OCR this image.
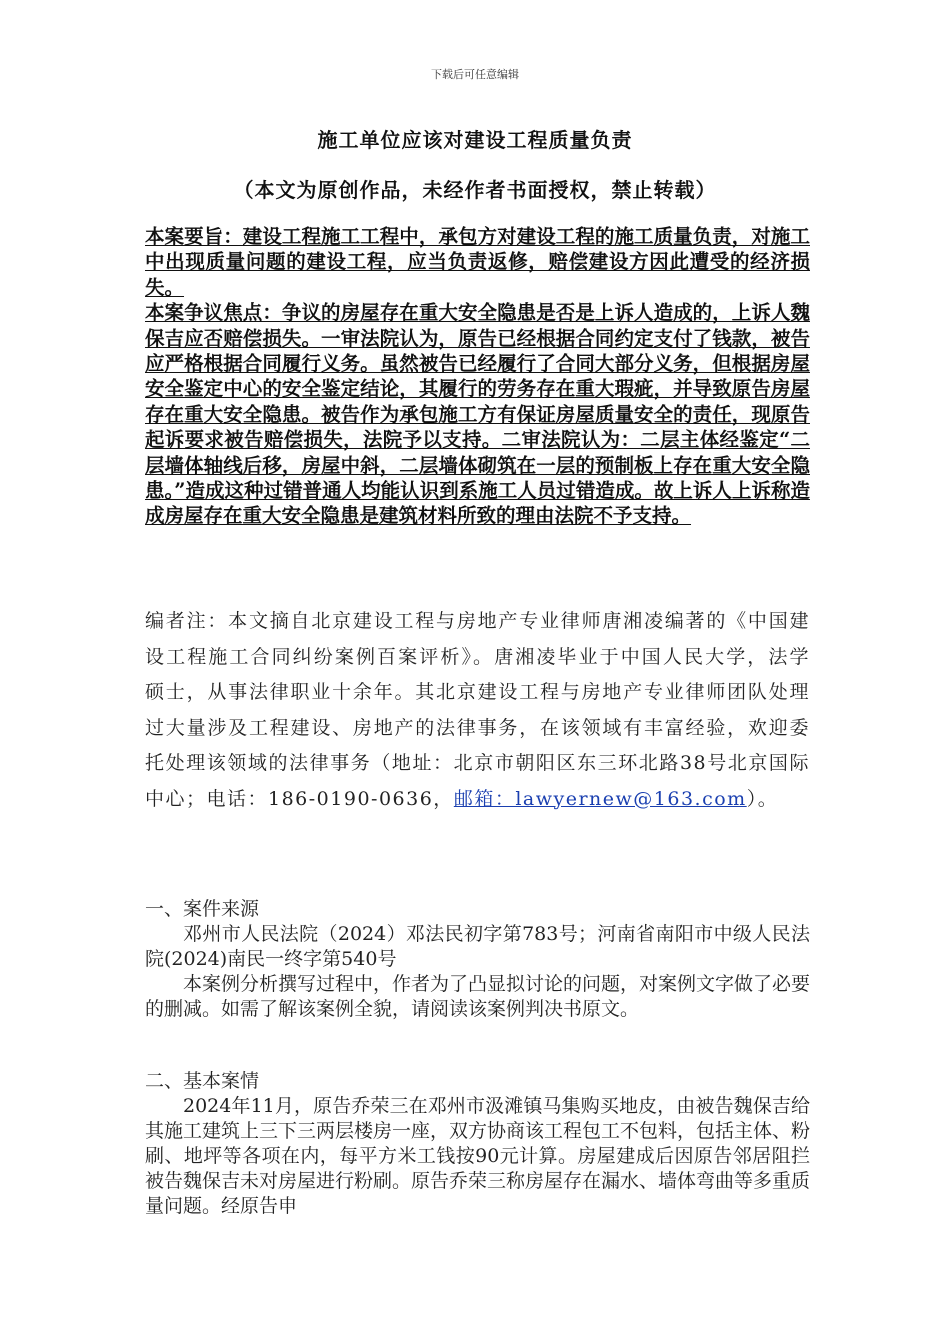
下载后可任意编辑
施工单位应该对建设工程质量负责
（本文为原创作品，未经作者书面授权，禁止转载）

本案要旨：建设工程施工工程中，承包方对建设工程的施工质量负责，对施工中出现质量问题的建设工程，应当负责返修，赔偿建设方因此遭受的经济损失。

本案争议焦点：争议的房屋存在重大安全隐患是否是上诉人造成的，上诉人魏保吉应否赔偿损失。一审法院认为，原告已经根据合同约定支付了钱款，被告应严格根据合同履行义务。虽然被告已经履行了合同大部分义务，但根据房屋安全鉴定中心的安全鉴定结论，其履行的劳务存在重大瑕疵，并导致原告房屋存在重大安全隐患。被告作为承包施工方有保证房屋质量安全的责任，现原告起诉要求被告赔偿损失，法院予以支持。二审法院认为：二层主体经鉴定“二层墙体轴线后移，房屋中斜，二层墙体砌筑在一层的预制板上存在重大安全隐患。”造成这种过错普通人均能认识到系施工人员过错造成。故上诉人上诉称造成房屋存在重大安全隐患是建筑材料所致的理由法院不予支持。

编者注：本文摘自北京建设工程与房地产专业律师唐湘凌编著的《中国建设工程施工合同纠纷案例百案评析》。唐湘凌毕业于中国人民大学，法学硕士，从事法律职业十余年。其北京建设工程与房地产专业律师团队处理过大量涉及工程建设、房地产的法律事务，在该领域有丰富经验，欢迎委托处理该领域的法律事务（地址：北京市朝阳区东三环北路38号北京国际中心；电话：186-0190-0636，邮箱：lawyernew@163.com）。

一、案件来源

邓州市人民法院（2024）邓法民初字第783号；河南省南阳市中级人民法院(2024)南民一终字第540号

本案例分析撰写过程中，作者为了凸显拟讨论的问题，对案例文字做了必要的删减。如需了解该案例全貌，请阅读该案例判决书原文。

二、基本案情

2024年11月，原告乔荣三在邓州市汲滩镇马集购买地皮，由被告魏保吉给其施工建筑上三下三两层楼房一座，双方协商该工程包工不包料，包括主体、粉刷、地坪等各项在内，每平方米工钱按90元计算。房屋建成后因原告邻居阻拦被告魏保吉未对房屋进行粉刷。原告乔荣三称房屋存在漏水、墙体弯曲等多重质量问题。经原告申
